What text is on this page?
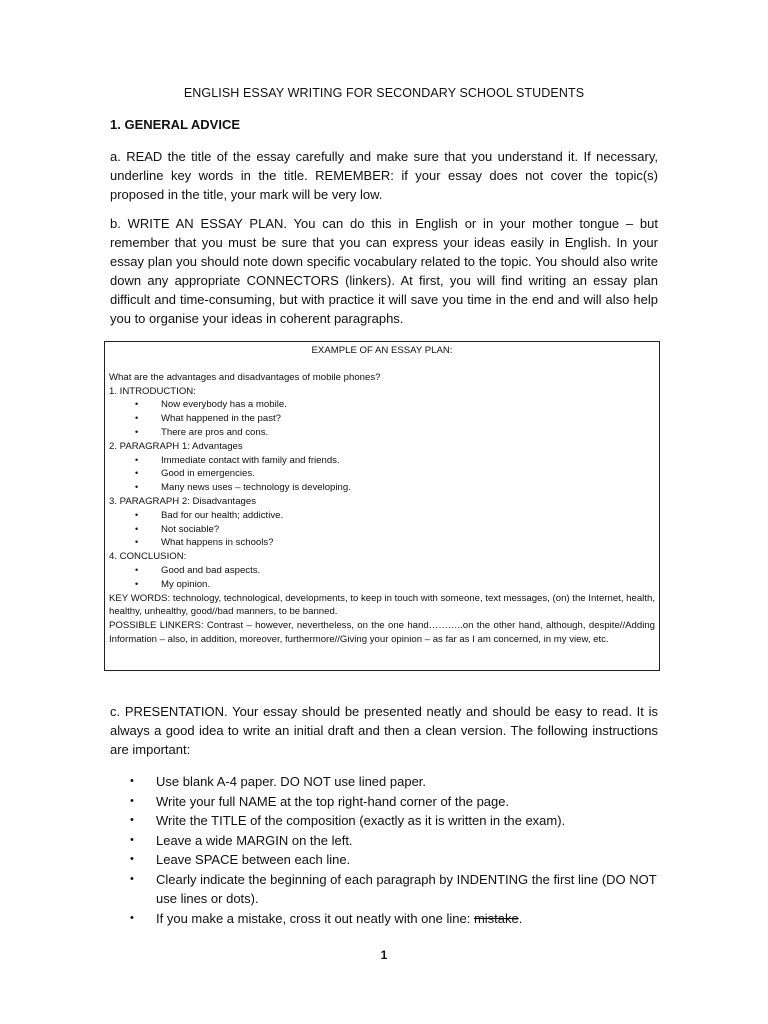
ENGLISH ESSAY WRITING FOR SECONDARY SCHOOL STUDENTS
1. GENERAL ADVICE
a. READ the title of the essay carefully and make sure that you understand it. If necessary, underline key words in the title. REMEMBER: if your essay does not cover the topic(s) proposed in the title, your mark will be very low.
b. WRITE AN ESSAY PLAN. You can do this in English or in your mother tongue – but remember that you must be sure that you can express your ideas easily in English. In your essay plan you should note down specific vocabulary related to the topic. You should also write down any appropriate CONNECTORS (linkers). At first, you will find writing an essay plan difficult and time-consuming, but with practice it will save you time in the end and will also help you to organise your ideas in coherent paragraphs.
EXAMPLE OF AN ESSAY PLAN:
What are the advantages and disadvantages of mobile phones?
1. INTRODUCTION:
• Now everybody has a mobile.
• What happened in the past?
• There are pros and cons.
2. PARAGRAPH 1: Advantages
• Immediate contact with family and friends.
• Good in emergencies.
• Many news uses – technology is developing.
3. PARAGRAPH 2: Disadvantages
• Bad for our health; addictive.
• Not sociable?
• What happens in schools?
4. CONCLUSION:
• Good and bad aspects.
• My opinion.
KEY WORDS: technology, technological, developments, to keep in touch with someone, text messages, (on) the Internet, health, healthy, unhealthy, good//bad manners, to be banned.
POSSIBLE LINKERS: Contrast – however, nevertheless, on the one hand………..on the other hand, although, despite//Adding Information – also, in addition, moreover, furthermore//Giving your opinion – as far as I am concerned, in my view, etc.
c. PRESENTATION. Your essay should be presented neatly and should be easy to read. It is always a good idea to write an initial draft and then a clean version. The following instructions are important:
• Use blank A-4 paper. DO NOT use lined paper.
• Write your full NAME at the top right-hand corner of the page.
• Write the TITLE of the composition (exactly as it is written in the exam).
• Leave a wide MARGIN on the left.
• Leave SPACE between each line.
• Clearly indicate the beginning of each paragraph by INDENTING the first line (DO NOT use lines or dots).
• If you make a mistake, cross it out neatly with one line: mistake.
1
